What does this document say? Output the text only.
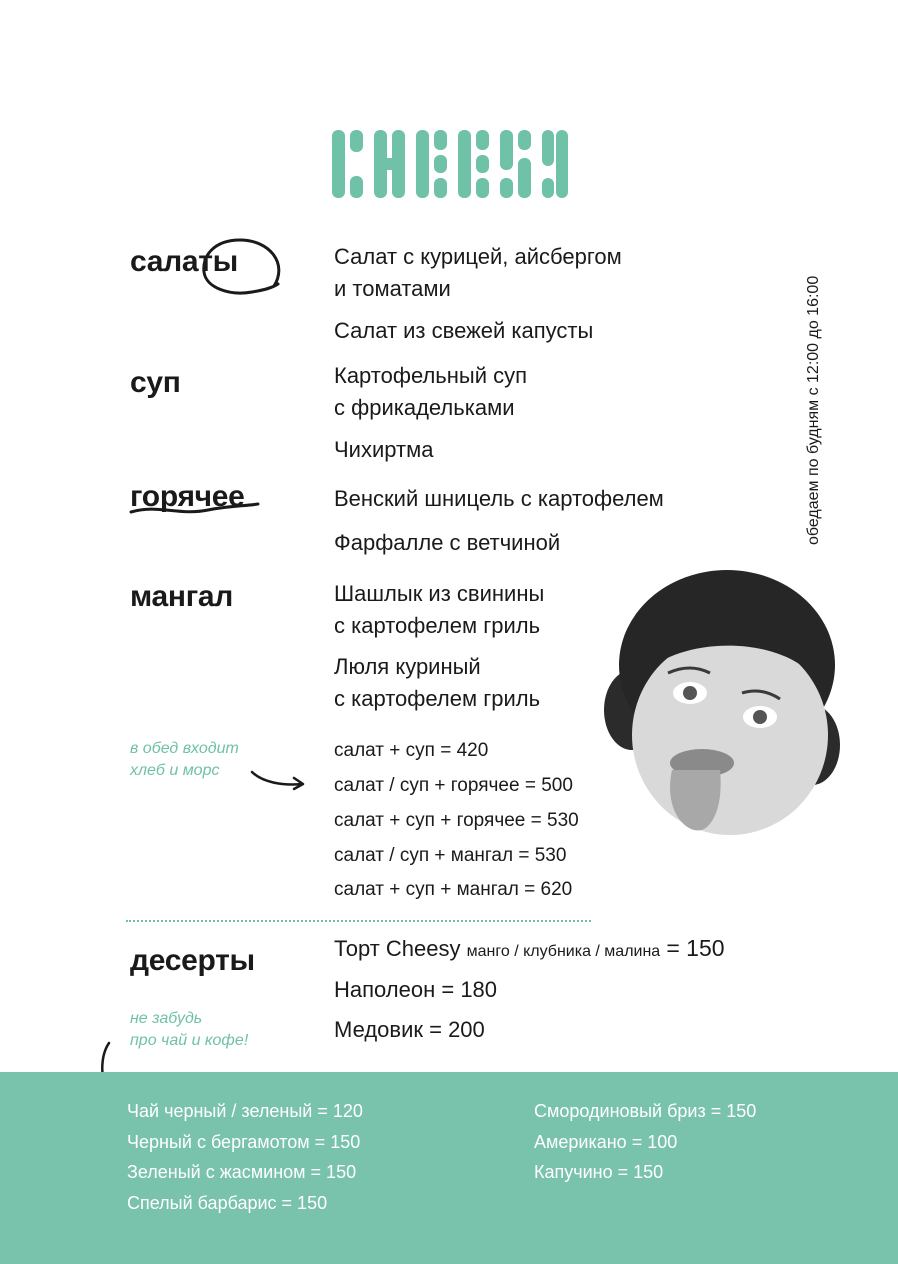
обедаем по будням с 12:00 до 16:00
салаты
суп
горячее
мангал
Салат с курицей, айсбергом
и томатами
Салат из свежей капусты
Картофельный суп
с фрикадельками
Чихиртма
Венский шницель с картофелем
Фарфалле с ветчиной
Шашлык из свинины
с картофелем гриль
Люля куриный
с картофелем гриль
в обед входит
хлеб и морс
салат + суп = 420
салат / суп + горячее = 500
салат + суп + горячее = 530
салат / суп + мангал = 530
салат + суп + мангал = 620
десерты
не забудь
про чай и кофе!
Торт Cheesy манго / клубника / малина = 150
Наполеон = 180
Медовик = 200
Чай черный / зеленый = 120
Черный с бергамотом = 150
Зеленый с жасмином = 150
Спелый барбарис = 150
Смородиновый бриз = 150
Американо = 100
Капучино = 150
